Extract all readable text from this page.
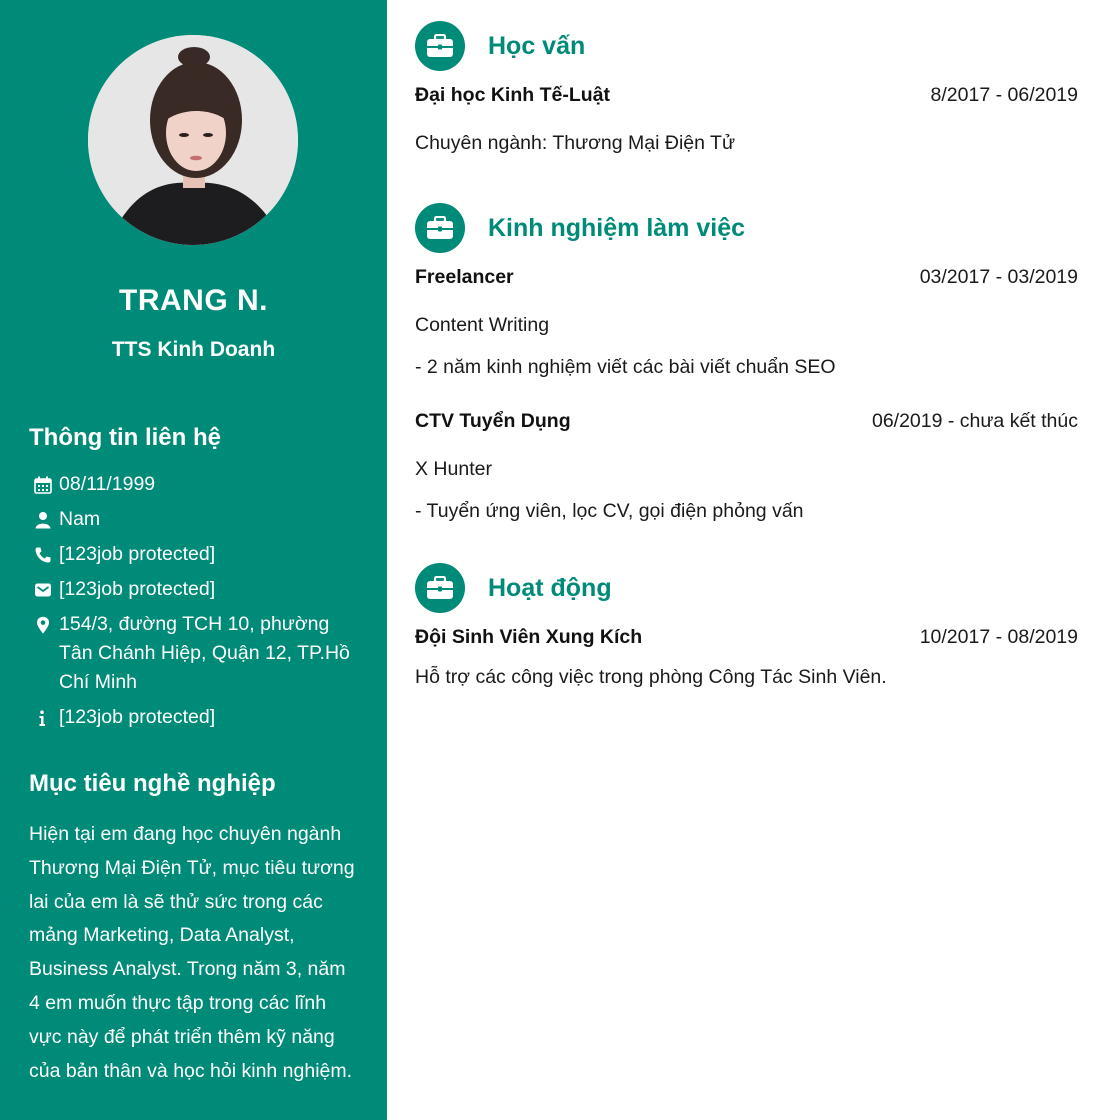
TRANG N.
TTS Kinh Doanh
Thông tin liên hệ
08/11/1999
Nam
[123job protected]
[123job protected]
154/3, đường TCH 10, phường Tân Chánh Hiệp, Quận 12, TP.Hồ Chí Minh
[123job protected]
Mục tiêu nghề nghiệp
Hiện tại em đang học chuyên ngành Thương Mại Điện Tử, mục tiêu tương lai của em là sẽ thử sức trong các mảng Marketing, Data Analyst, Business Analyst. Trong năm 3, năm 4 em muốn thực tập trong các lĩnh vực này để phát triển thêm kỹ năng của bản thân và học hỏi kinh nghiệm.
Học vấn
Đại học Kinh Tế-Luật	8/2017 - 06/2019
Chuyên ngành: Thương Mại Điện Tử
Kinh nghiệm làm việc
Freelancer	03/2017 - 03/2019
Content Writing
- 2 năm kinh nghiệm viết các bài viết chuẩn SEO
CTV Tuyển Dụng	06/2019 - chưa kết thúc
X Hunter
- Tuyển ứng viên, lọc CV, gọi điện phỏng vấn
Hoạt động
Đội Sinh Viên Xung Kích	10/2017 - 08/2019
Hỗ trợ các công việc trong phòng Công Tác Sinh Viên.
